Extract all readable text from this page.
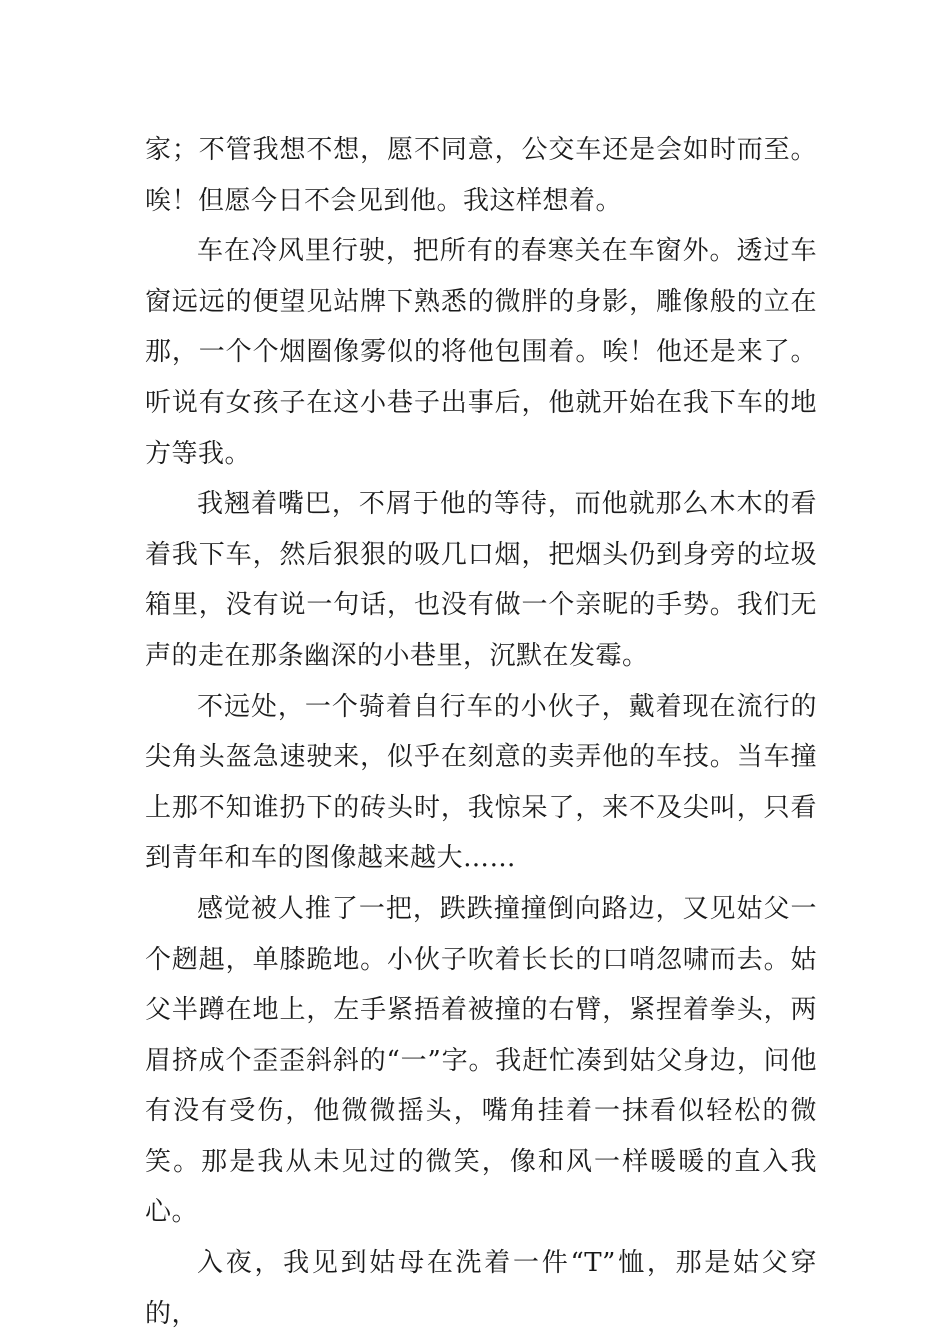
家；不管我想不想，愿不同意，公交车还是会如时而至。唉！但愿今日不会见到他。我这样想着。

车在冷风里行驶，把所有的春寒关在车窗外。透过车窗远远的便望见站牌下熟悉的微胖的身影，雕像般的立在那，一个个烟圈像雾似的将他包围着。唉！他还是来了。听说有女孩子在这小巷子出事后，他就开始在我下车的地方等我。

我翘着嘴巴，不屑于他的等待，而他就那么木木的看着我下车，然后狠狠的吸几口烟，把烟头仍到身旁的垃圾箱里，没有说一句话，也没有做一个亲昵的手势。我们无声的走在那条幽深的小巷里，沉默在发霉。

不远处，一个骑着自行车的小伙子，戴着现在流行的尖角头盔急速驶来，似乎在刻意的卖弄他的车技。当车撞上那不知谁扔下的砖头时，我惊呆了，来不及尖叫，只看到青年和车的图像越来越大……

感觉被人推了一把，跌跌撞撞倒向路边，又见姑父一个趔趄，单膝跪地。小伙子吹着长长的口哨忽啸而去。姑父半蹲在地上，左手紧捂着被撞的右臂，紧捏着拳头，两眉挤成个歪歪斜斜的“一”字。我赶忙凑到姑父身边，问他有没有受伤，他微微摇头，嘴角挂着一抹看似轻松的微笑。那是我从未见过的微笑，像和风一样暖暖的直入我心。

入夜，我见到姑母在洗着一件“T”恤，那是姑父穿的，
